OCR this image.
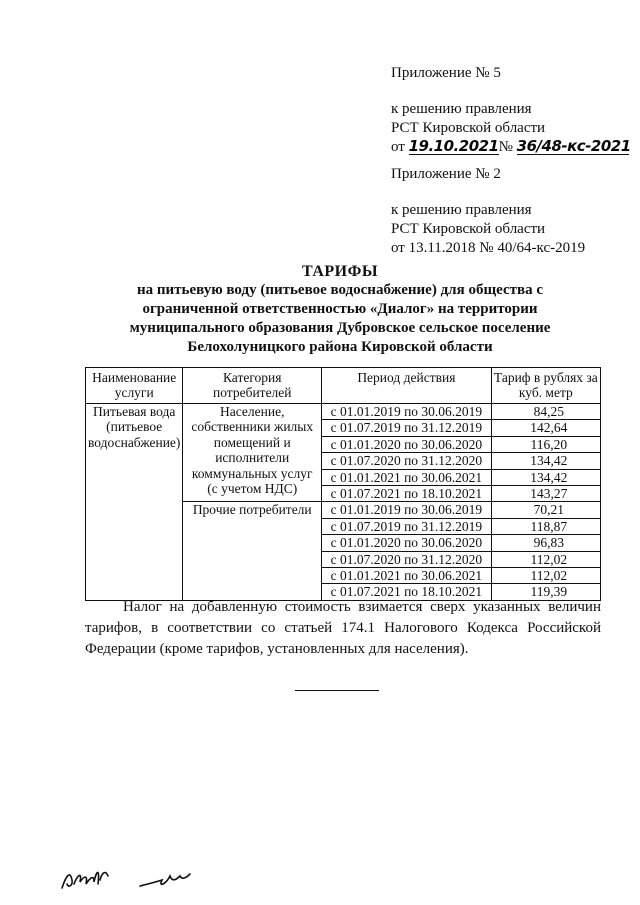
Приложение № 5
к решению правления
РСТ Кировской области
от 19.10.2021№ 36/48-кс-2021
Приложение № 2
к решению правления
РСТ Кировской области
от 13.11.2018 № 40/64-кс-2019
ТАРИФЫ
на питьевую воду (питьевое водоснабжение) для общества с
ограниченной ответственностью «Диалог» на территории
муниципального образования Дубровское сельское поселение
Белохолуницкого района Кировской области
Наименование услуги	Категория потребителей	Период действия	Тариф в рублях за куб. метр
Питьевая вода (питьевое водоснабжение)	Население, собственники жилых помещений и исполнители коммунальных услуг (с учетом НДС)	с 01.01.2019 по 30.06.2019	84,25
		с 01.07.2019 по 31.12.2019	142,64
		с 01.01.2020 по 30.06.2020	116,20
		с 01.07.2020 по 31.12.2020	134,42
		с 01.01.2021 по 30.06.2021	134,42
		с 01.07.2021 по 18.10.2021	143,27
	Прочие потребители	с 01.01.2019 по 30.06.2019	70,21
		с 01.07.2019 по 31.12.2019	118,87
		с 01.01.2020 по 30.06.2020	96,83
		с 01.07.2020 по 31.12.2020	112,02
		с 01.01.2021 по 30.06.2021	112,02
		с 01.07.2021 по 18.10.2021	119,39

Налог на добавленную стоимость взимается сверх указанных величин тарифов, в соответствии со статьей 174.1 Налогового Кодекса Российской Федерации (кроме тарифов, установленных для населения).
